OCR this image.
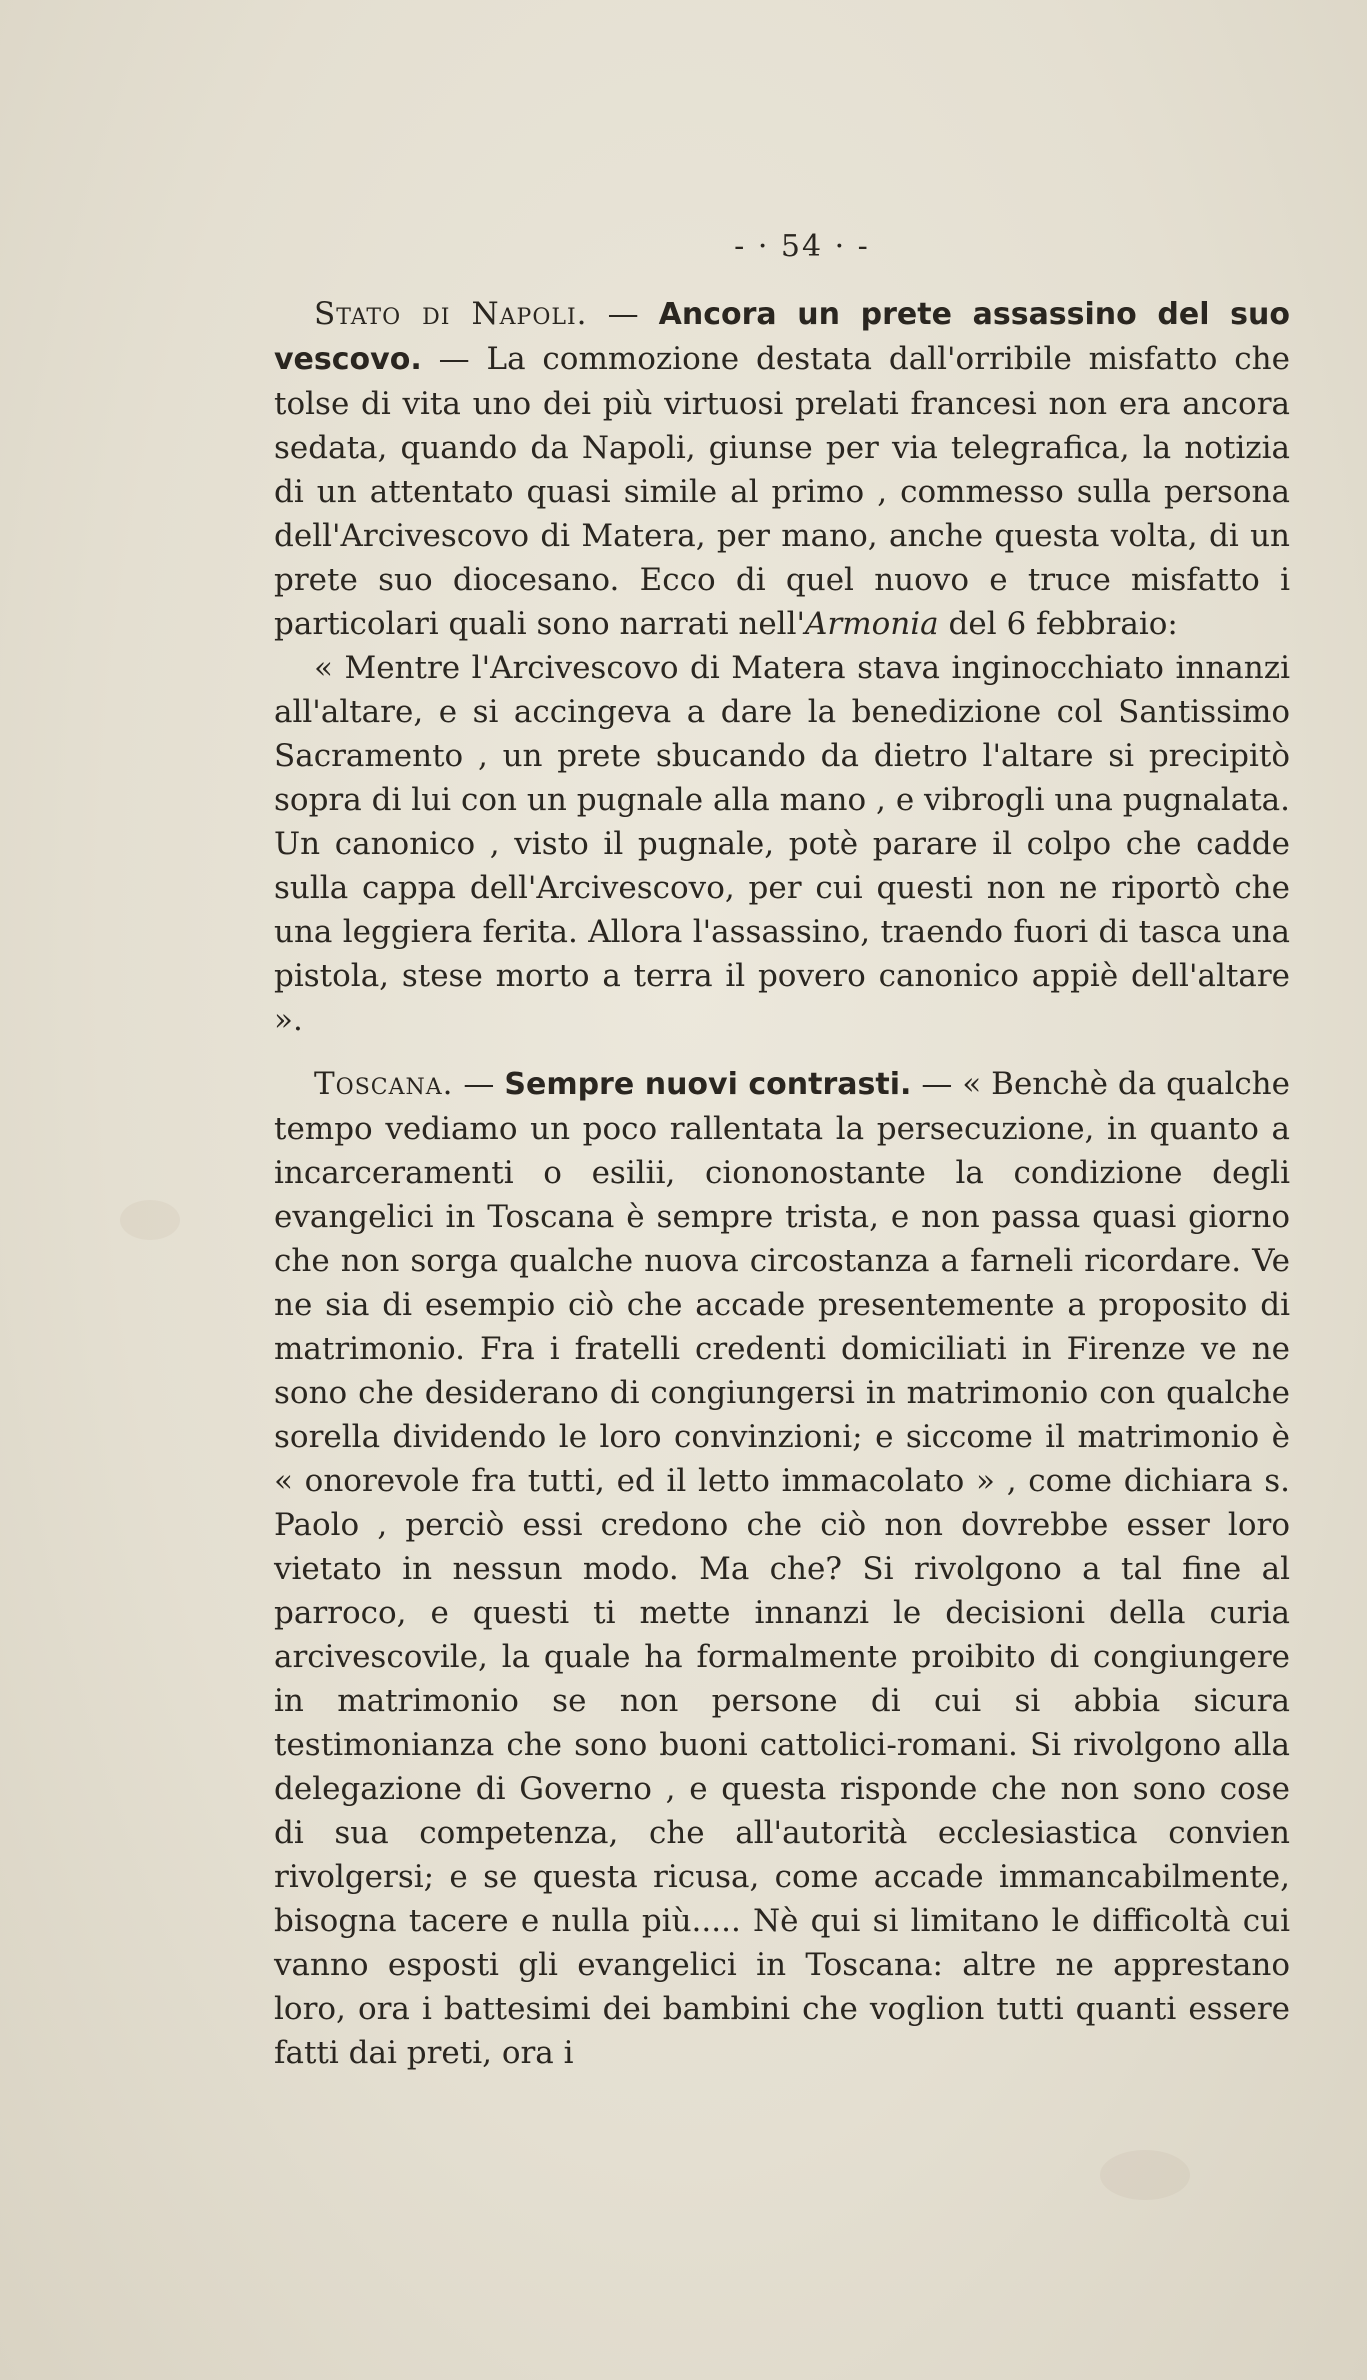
- · 54 · -

Stato di Napoli. — Ancora un prete assassino del suo vescovo. — La commozione destata dall'orribile misfatto che tolse di vita uno dei più virtuosi prelati francesi non era ancora sedata, quando da Napoli, giunse per via telegrafica, la notizia di un attentato quasi simile al primo , commesso sulla persona dell'Arcivescovo di Matera, per mano, anche questa volta, di un prete suo diocesano. Ecco di quel nuovo e truce misfatto i particolari quali sono narrati nell'Armonia del 6 febbraio:

« Mentre l'Arcivescovo di Matera stava inginocchiato innanzi all'altare, e si accingeva a dare la benedizione col Santissimo Sacramento , un prete sbucando da dietro l'altare si precipitò sopra di lui con un pugnale alla mano , e vibrogli una pugnalata. Un canonico , visto il pugnale, potè parare il colpo che cadde sulla cappa dell'Arcivescovo, per cui questi non ne riportò che una leggiera ferita. Allora l'assassino, traendo fuori di tasca una pistola, stese morto a terra il povero canonico appiè dell'altare ».

Toscana. — Sempre nuovi contrasti. — « Benchè da qualche tempo vediamo un poco rallentata la persecuzione, in quanto a incarceramenti o esilii, ciononostante la condizione degli evangelici in Toscana è sempre trista, e non passa quasi giorno che non sorga qualche nuova circostanza a farneli ricordare. Ve ne sia di esempio ciò che accade presentemente a proposito di matrimonio. Fra i fratelli credenti domiciliati in Firenze ve ne sono che desiderano di congiungersi in matrimonio con qualche sorella dividendo le loro convinzioni; e siccome il matrimonio è « onorevole fra tutti, ed il letto immacolato » , come dichiara s. Paolo , perciò essi credono che ciò non dovrebbe esser loro vietato in nessun modo. Ma che? Si rivolgono a tal fine al parroco, e questi ti mette innanzi le decisioni della curia arcivescovile, la quale ha formalmente proibito di congiungere in matrimonio se non persone di cui si abbia sicura testimonianza che sono buoni cattolici-romani. Si rivolgono alla delegazione di Governo , e questa risponde che non sono cose di sua competenza, che all'autorità ecclesiastica convien rivolgersi; e se questa ricusa, come accade immancabilmente, bisogna tacere e nulla più..... Nè qui si limitano le difficoltà cui vanno esposti gli evangelici in Toscana: altre ne apprestano loro, ora i battesimi dei bambini che voglion tutti quanti essere fatti dai preti, ora i
